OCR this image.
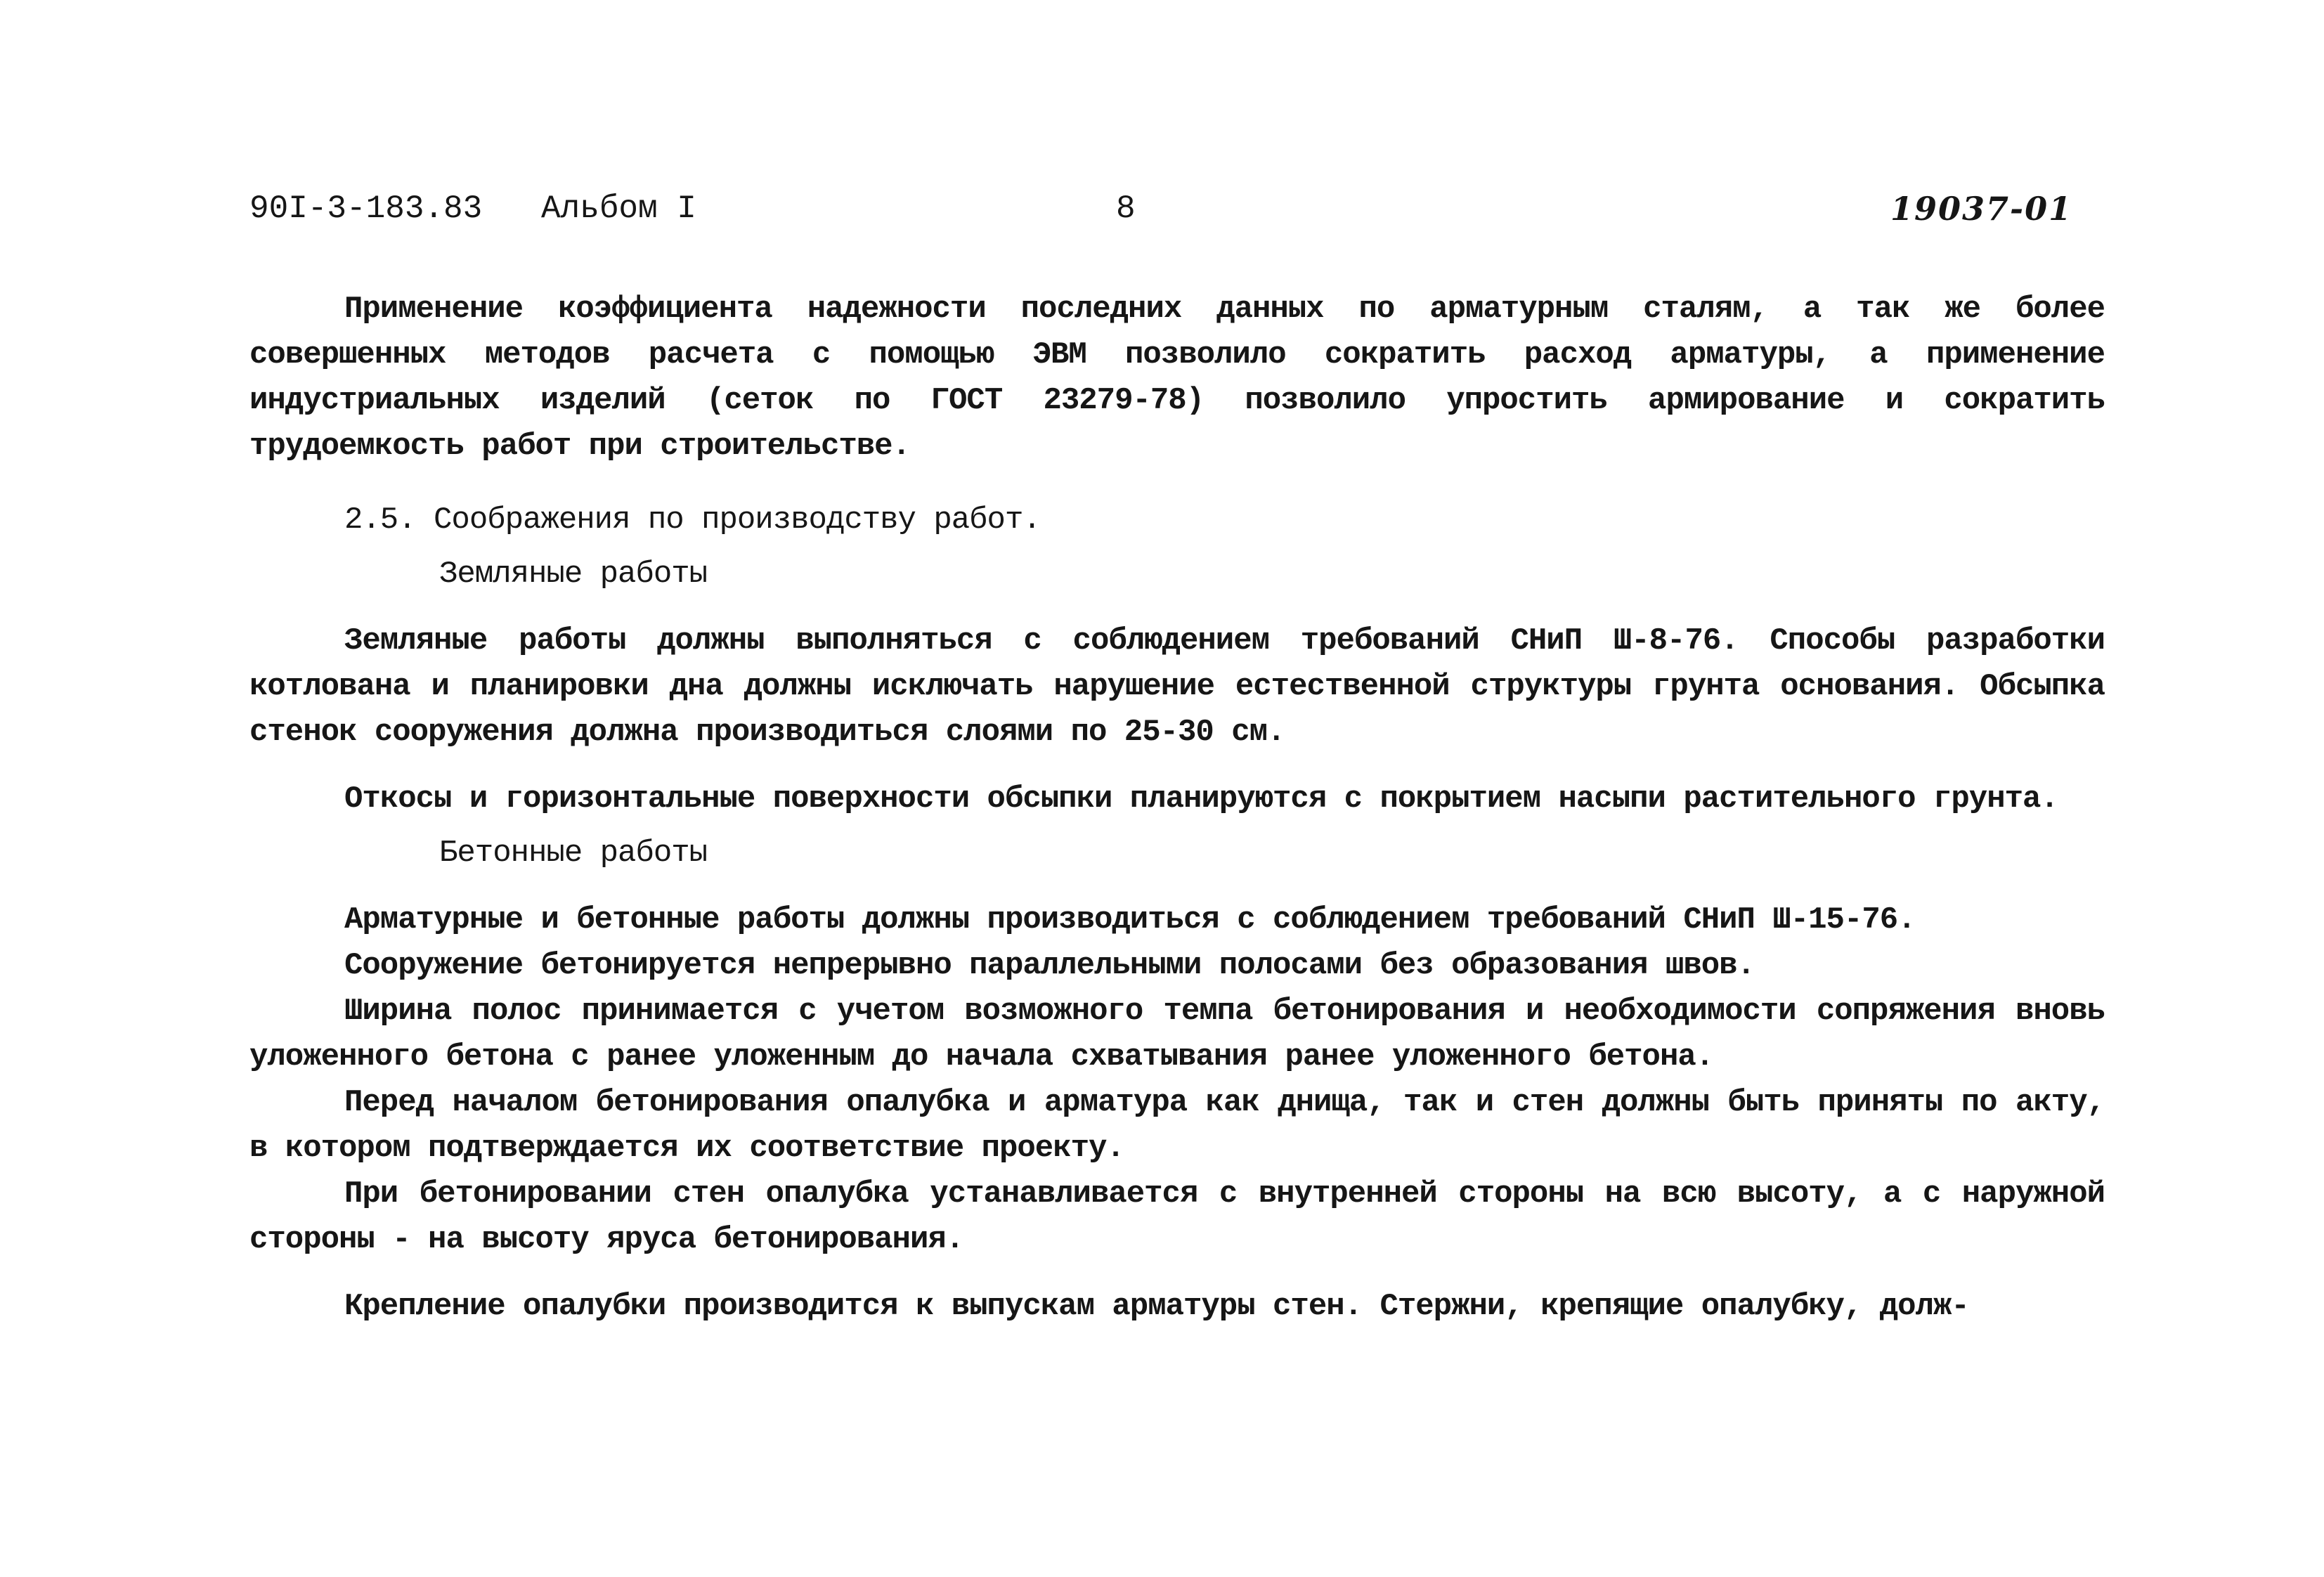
90I-3-183.83 Альбом I	8	19037-01

Применение коэффициента надежности последних данных по арматурным сталям, а так же более совершенных методов расчета с помощью ЭВМ позволило сократить расход арматуры, а применение индустриальных изделий (сеток по ГОСТ 23279-78) позволило упростить армирование и сократить трудоемкость работ при строительстве.

2.5. Соображения по производству работ.
Земляные работы

Земляные работы должны выполняться с соблюдением требований СНиП Ш-8-76. Способы разработки котлована и планировки дна должны исключать нарушение естественной структуры грунта основания. Обсыпка стенок сооружения должна производиться слоями по 25-30 см.

Откосы и горизонтальные поверхности обсыпки планируются с покрытием насыпи растительного грунта.

Бетонные работы

Арматурные и бетонные работы должны производиться с соблюдением требований СНиП Ш-15-76.

Сооружение бетонируется непрерывно параллельными полосами без образования швов.

Ширина полос принимается с учетом возможного темпа бетонирования и необходимости сопряжения вновь уложенного бетона с ранее уложенным до начала схватывания ранее уложенного бетона.

Перед началом бетонирования опалубка и арматура как днища, так и стен должны быть приняты по акту, в котором подтверждается их соответствие проекту.

При бетонировании стен опалубка устанавливается с внутренней стороны на всю высоту, а с наружной стороны - на высоту яруса бетонирования.

Крепление опалубки производится к выпускам арматуры стен. Стержни, крепящие опалубку, долж-
